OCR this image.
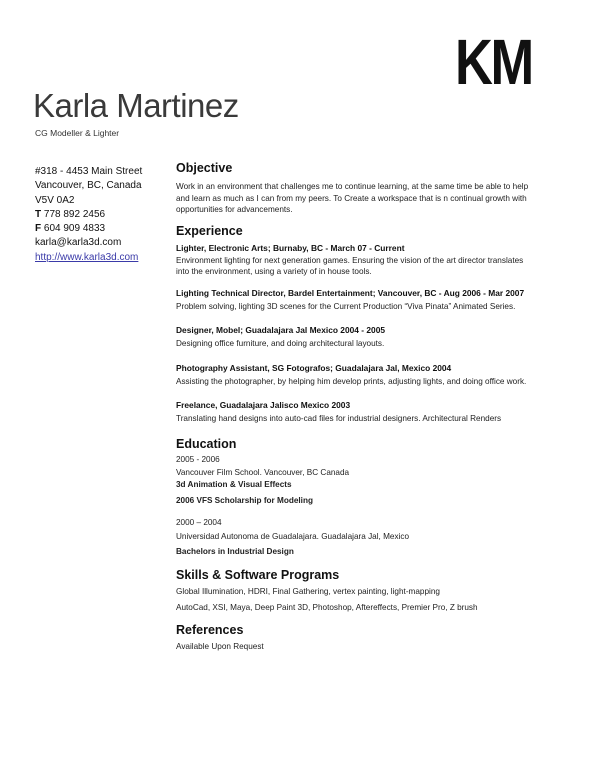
KM
Karla Martinez
CG Modeller & Lighter
#318 - 4453 Main Street
Vancouver, BC, Canada
V5V 0A2
T 778 892 2456
F 604 909 4833
karla@karla3d.com
http://www.karla3d.com
Objective

Work in an environment that challenges me to continue learning, at the same time be able to help and learn as much as I can from my peers. To Create a workspace that is n continual growth with opportunities for advancements.

Experience

Lighter, Electronic Arts; Burnaby, BC - March 07 - Current

Environment lighting for next generation games. Ensuring the vision of the art director translates into the environment, using a variety of in house tools.

Lighting Technical Director, Bardel Entertainment; Vancouver, BC - Aug 2006 - Mar 2007

Problem solving, lighting 3D scenes for the Current Production “Viva Pinata” Animated Series.

Designer, Mobel; Guadalajara Jal Mexico 2004 - 2005

Designing office furniture, and doing architectural layouts.

Photography Assistant, SG Fotografos; Guadalajara Jal, Mexico 2004

Assisting the photographer, by helping him develop prints, adjusting lights, and doing office work.

Freelance, Guadalajara Jalisco Mexico 2003

Translating hand designs into auto-cad files for industrial designers. Architectural Renders

Education

2005 - 2006

Vancouver Film School. Vancouver, BC Canada

3d Animation & Visual Effects

2006 VFS Scholarship for Modeling

2000 – 2004

Universidad Autonoma de Guadalajara. Guadalajara Jal, Mexico

Bachelors in Industrial Design

Skills & Software Programs

Global Illumination, HDRI, Final Gathering, vertex painting, light-mapping

AutoCad, XSI, Maya, Deep Paint 3D, Photoshop, Aftereffects, Premier Pro, Z brush

References

Available Upon Request
